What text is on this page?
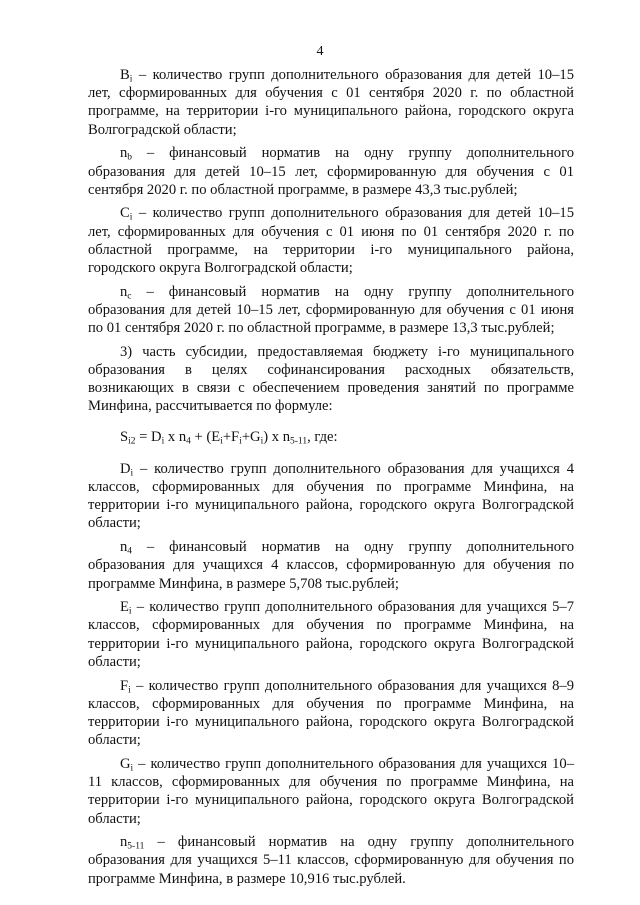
4

$B_i$ – количество групп дополнительного образования для детей 10–15 лет, сформированных для обучения с 01 сентября 2020 г. по областной программе, на территории i-го муниципального района, городского округа Волгоградской области;

$n_b$ – финансовый норматив на одну группу дополнительного образования для детей 10–15 лет, сформированную для обучения с 01 сентября 2020 г. по областной программе, в размере 43,3 тыс.рублей;

$C_i$ – количество групп дополнительного образования для детей 10–15 лет, сформированных для обучения с 01 июня по 01 сентября 2020 г. по областной программе, на территории i-го муниципального района, городского округа Волгоградской области;

$n_c$ – финансовый норматив на одну группу дополнительного образования для детей 10–15 лет, сформированную для обучения с 01 июня по 01 сентября 2020 г. по областной программе, в размере 13,3 тыс.рублей;

3) часть субсидии, предоставляемая бюджету i-го муниципального образования в целях софинансирования расходных обязательств, возникающих в связи с обеспечением проведения занятий по программе Минфина, рассчитывается по формуле:

$S_{i2} = D_i$ x $n_4 + (E_i+F_i+G_i)$ x $n_{5-11}$, где:

$D_i$ – количество групп дополнительного образования для учащихся 4 классов, сформированных для обучения по программе Минфина, на территории i-го муниципального района, городского округа Волгоградской области;

$n_4$ – финансовый норматив на одну группу дополнительного образования для учащихся 4 классов, сформированную для обучения по программе Минфина, в размере 5,708 тыс.рублей;

$E_i$ – количество групп дополнительного образования для учащихся 5–7 классов, сформированных для обучения по программе Минфина, на территории i-го муниципального района, городского округа Волгоградской области;

$F_i$ – количество групп дополнительного образования для учащихся 8–9 классов, сформированных для обучения по программе Минфина, на территории i-го муниципального района, городского округа Волгоградской области;

$G_i$ – количество групп дополнительного образования для учащихся 10–11 классов, сформированных для обучения по программе Минфина, на территории i-го муниципального района, городского округа Волгоградской области;

$n_{5-11}$ – финансовый норматив на одну группу дополнительного образования для учащихся 5–11 классов, сформированную для обучения по программе Минфина, в размере 10,916 тыс.рублей.
